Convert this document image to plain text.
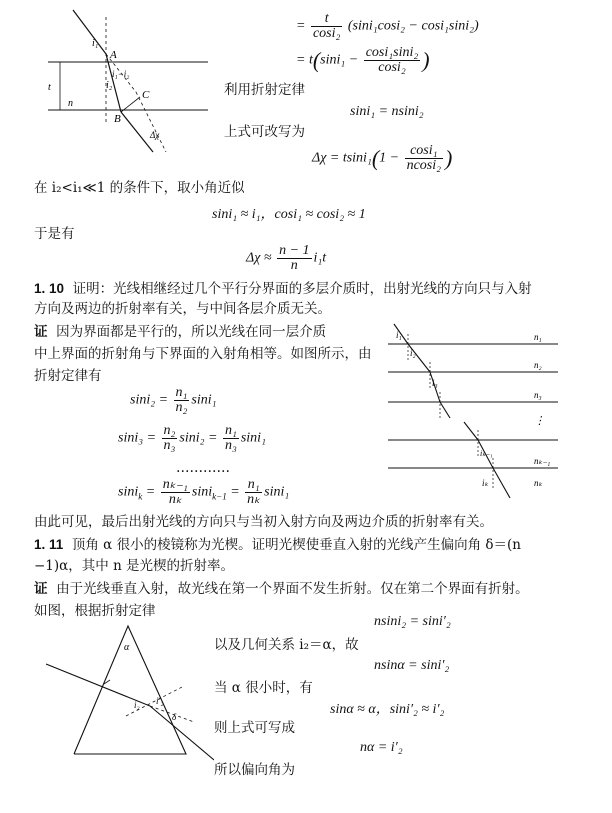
A
B
C
i₁
i₁−i₂
i₂
t
n
Δχ
= $\frac{t}{\text{cosi₂}} (\sin i_1\cos i_2 - \cos i_1\sin i_2)$
= $t(\sin i_1 - \frac{\text{cosi₁sini₂}}{\text{cosi₂}}$ )
利用折射定律
sini₁ = nsini₂
上式可改写为
$\Delta\chi = tsini_1(1 - \frac{\text{cosi₁}}{\text{ncosi₂}}$ )
在 i₂<i₁≪1 的条件下，取小角近似
sini₁ ≈ i₁，cosi₁ ≈ cosi₂ ≈ 1
于是有
$\Delta\chi \approx \frac{n - 1}{n} i_1t$
1. 10 证明：光线相继经过几个平行分界面的多层介质时，出射光线的方向只与入射
方向及两边的折射率有关，与中间各层介质无关。
证 因为界面都是平行的，所以光线在同一层介质
中上界面的折射角与下界面的入射角相等。如图所示，由
折射定律有
$\sin i_2 = \frac{\text{n₁}}{\text{n₂}} \sin i_1$
$\sin i_3 = \frac{\text{n₂}}{\text{n₃}} \sin i_2 = \frac{\text{n₁}}{\text{n₃}} \sin i_1$
…………
$\sin i_k = \frac{\text{nₖ₋₁}}{\text{nₖ}} \sin i_{k-1} = \frac{\text{n₁}}{\text{nₖ}} \sin i_1$
i₁
i₂
i₃
iₖ₋₁
iₖ
n₁
n₂
n₃
⋮
nₖ₋₁
nₖ
由此可见，最后出射光线的方向只与当初入射方向及两边介质的折射率有关。
1. 11 顶角 α 很小的棱镜称为光楔。证明光楔使垂直入射的光线产生偏向角 δ＝(n
−1)α，其中 n 是光楔的折射率。
证 由于光线垂直入射，故光线在第一个界面不发生折射。仅在第二个界面有折射。
如图，根据折射定律
α
i₂ i′₂
δ
nsini₂ = sini′₂
以及几何关系 i₂＝α，故
nsinα = sini′₂
当 α 很小时，有
sinα ≈ α，sini′₂ ≈ i′₂
则上式可写成
nα = i′₂
所以偏向角为
